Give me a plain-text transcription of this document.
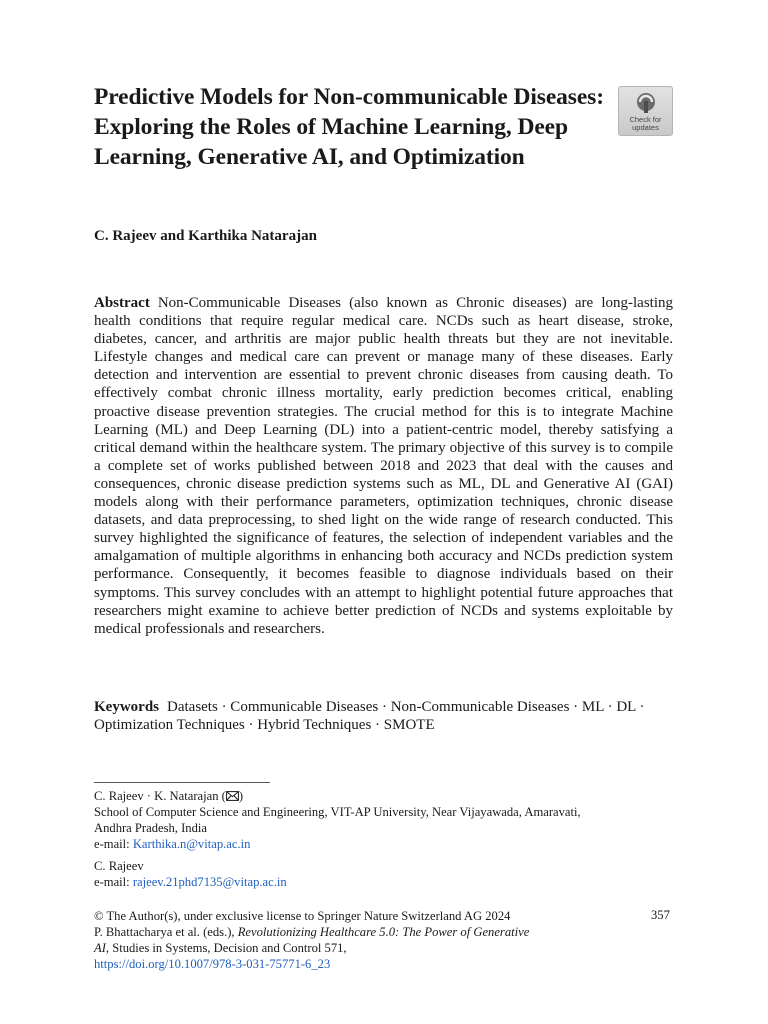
Predictive Models for Non-communicable Diseases: Exploring the Roles of Machine Learning, Deep Learning, Generative AI, and Optimization
Check for
updates

C. Rajeev and Karthika Natarajan

Abstract Non-Communicable Diseases (also known as Chronic diseases) are long-lasting health conditions that require regular medical care. NCDs such as heart disease, stroke, diabetes, cancer, and arthritis are major public health threats but they are not inevitable. Lifestyle changes and medical care can prevent or manage many of these diseases. Early detection and intervention are essential to prevent chronic diseases from causing death. To effectively combat chronic illness mortality, early prediction becomes critical, enabling proactive disease prevention strategies. The crucial method for this is to integrate Machine Learning (ML) and Deep Learning (DL) into a patient-centric model, thereby satisfying a critical demand within the healthcare system. The primary objective of this survey is to compile a complete set of works published between 2018 and 2023 that deal with the causes and consequences, chronic disease prediction systems such as ML, DL and Generative AI (GAI) models along with their performance parameters, optimization techniques, chronic disease datasets, and data preprocessing, to shed light on the wide range of research conducted. This survey highlighted the significance of features, the selection of independent variables and the amalgamation of multiple algorithms in enhancing both accuracy and NCDs prediction system performance. Consequently, it becomes feasible to diagnose individuals based on their symptoms. This survey concludes with an attempt to highlight potential future approaches that researchers might examine to achieve better prediction of NCDs and systems exploitable by medical professionals and researchers.

Keywords Datasets · Communicable Diseases · Non-Communicable Diseases · ML · DL · Optimization Techniques · Hybrid Techniques · SMOTE

C. Rajeev · K. Natarajan ( )
School of Computer Science and Engineering, VIT-AP University, Near Vijayawada, Amaravati,
Andhra Pradesh, India
e-mail: Karthika.n@vitap.ac.in
C. Rajeev
e-mail: rajeev.21phd7135@vitap.ac.in
© The Author(s), under exclusive license to Springer Nature Switzerland AG 2024
P. Bhattacharya et al. (eds.), Revolutionizing Healthcare 5.0: The Power of Generative
AI, Studies in Systems, Decision and Control 571,
https://doi.org/10.1007/978-3-031-75771-6_23
357
